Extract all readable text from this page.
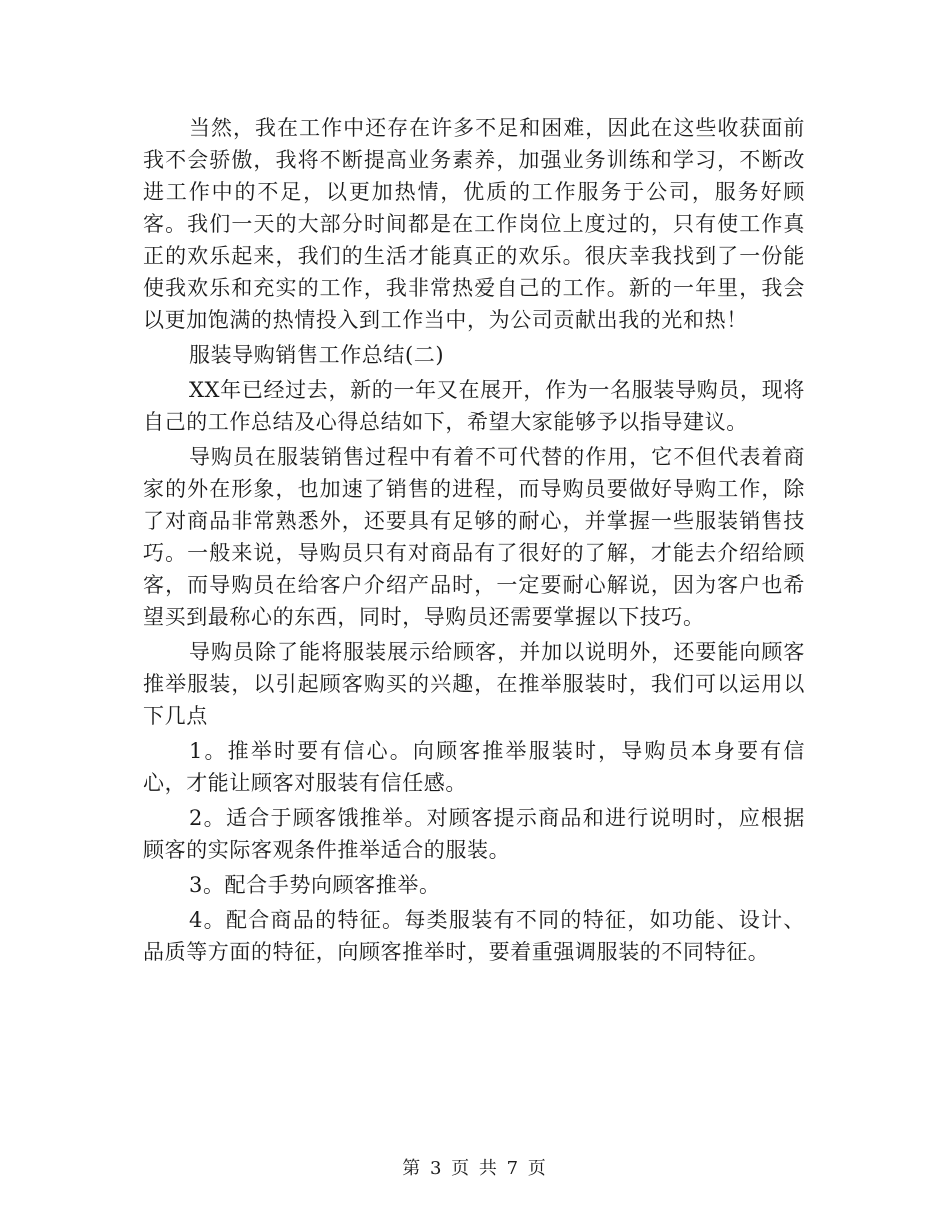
当然，我在工作中还存在许多不足和困难，因此在这些收获面前我不会骄傲，我将不断提高业务素养，加强业务训练和学习，不断改进工作中的不足，以更加热情，优质的工作服务于公司，服务好顾客。我们一天的大部分时间都是在工作岗位上度过的，只有使工作真正的欢乐起来，我们的生活才能真正的欢乐。很庆幸我找到了一份能使我欢乐和充实的工作，我非常热爱自己的工作。新的一年里，我会以更加饱满的热情投入到工作当中，为公司贡献出我的光和热！

服装导购销售工作总结(二)

XX年已经过去，新的一年又在展开，作为一名服装导购员，现将自己的工作总结及心得总结如下，希望大家能够予以指导建议。

导购员在服装销售过程中有着不可代替的作用，它不但代表着商家的外在形象，也加速了销售的进程，而导购员要做好导购工作，除了对商品非常熟悉外，还要具有足够的耐心，并掌握一些服装销售技巧。一般来说，导购员只有对商品有了很好的了解，才能去介绍给顾客，而导购员在给客户介绍产品时，一定要耐心解说，因为客户也希望买到最称心的东西，同时，导购员还需要掌握以下技巧。

导购员除了能将服装展示给顾客，并加以说明外，还要能向顾客推举服装，以引起顾客购买的兴趣，在推举服装时，我们可以运用以下几点

1。推举时要有信心。向顾客推举服装时，导购员本身要有信心，才能让顾客对服装有信任感。

2。适合于顾客饿推举。对顾客提示商品和进行说明时，应根据顾客的实际客观条件推举适合的服装。

3。配合手势向顾客推举。

4。配合商品的特征。每类服装有不同的特征，如功能、设计、品质等方面的特征，向顾客推举时，要着重强调服装的不同特征。

第 3 页 共 7 页
